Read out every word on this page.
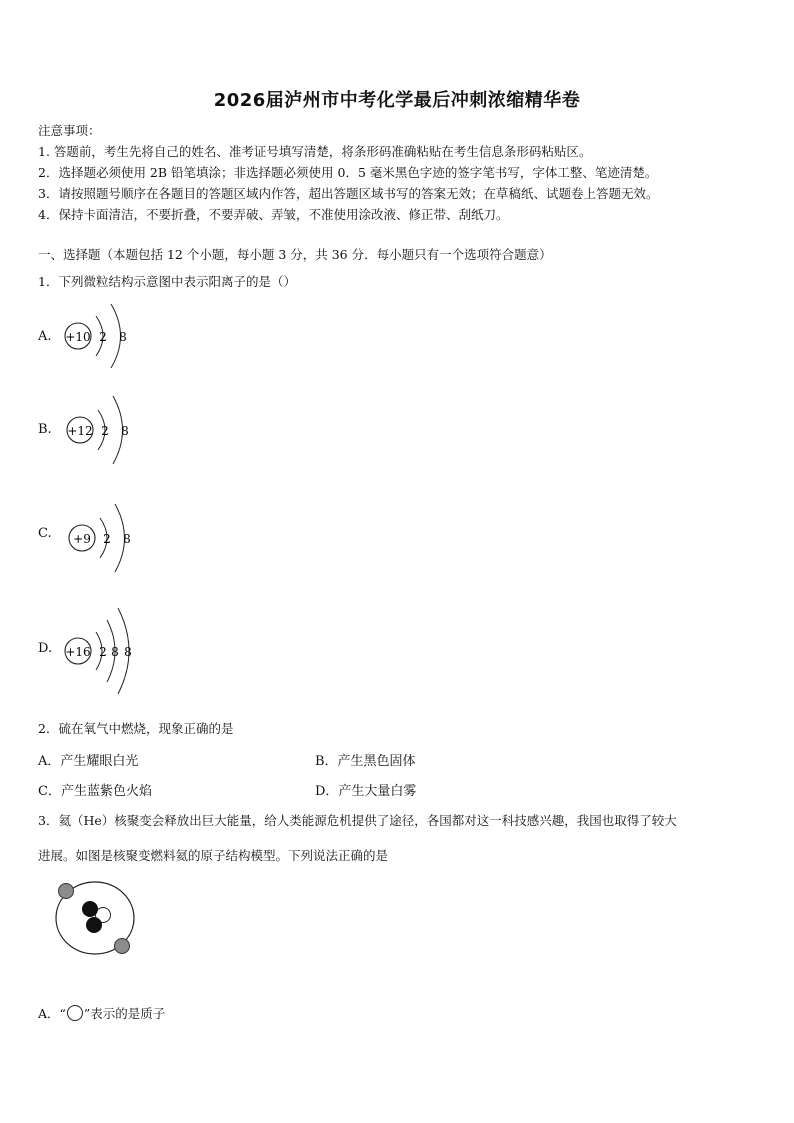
2026届泸州市中考化学最后冲刺浓缩精华卷
注意事项：
1. 答题前，考生先将自己的姓名、准考证号填写清楚，将条形码准确粘贴在考生信息条形码粘贴区。
2．选择题必须使用 2B 铅笔填涂；非选择题必须使用 0．5 毫米黑色字迹的签字笔书写，字体工整、笔迹清楚。
3．请按照题号顺序在各题目的答题区域内作答，超出答题区域书写的答案无效；在草稿纸、试题卷上答题无效。
4．保持卡面清洁，不要折叠，不要弄破、弄皱，不准使用涂改液、修正带、刮纸刀。
一、选择题（本题包括 12 个小题，每小题 3 分，共 36 分．每小题只有一个选项符合题意）
1．下列微粒结构示意图中表示阳离子的是（）
A. +10 2 8
B. +12 2 8
C. +9 2 8
D. +16 2 8 8
2．硫在氧气中燃烧，现象正确的是
A．产生耀眼白光	B．产生黑色固体
C．产生蓝紫色火焰	D．产生大量白雾
3．氦（He）核聚变会释放出巨大能量，给人类能源危机提供了途径，各国都对这一科技感兴趣，我国也取得了较大
进展。如图是核聚变燃料氦的原子结构模型。下列说法正确的是
A．“ ”表示的是质子
